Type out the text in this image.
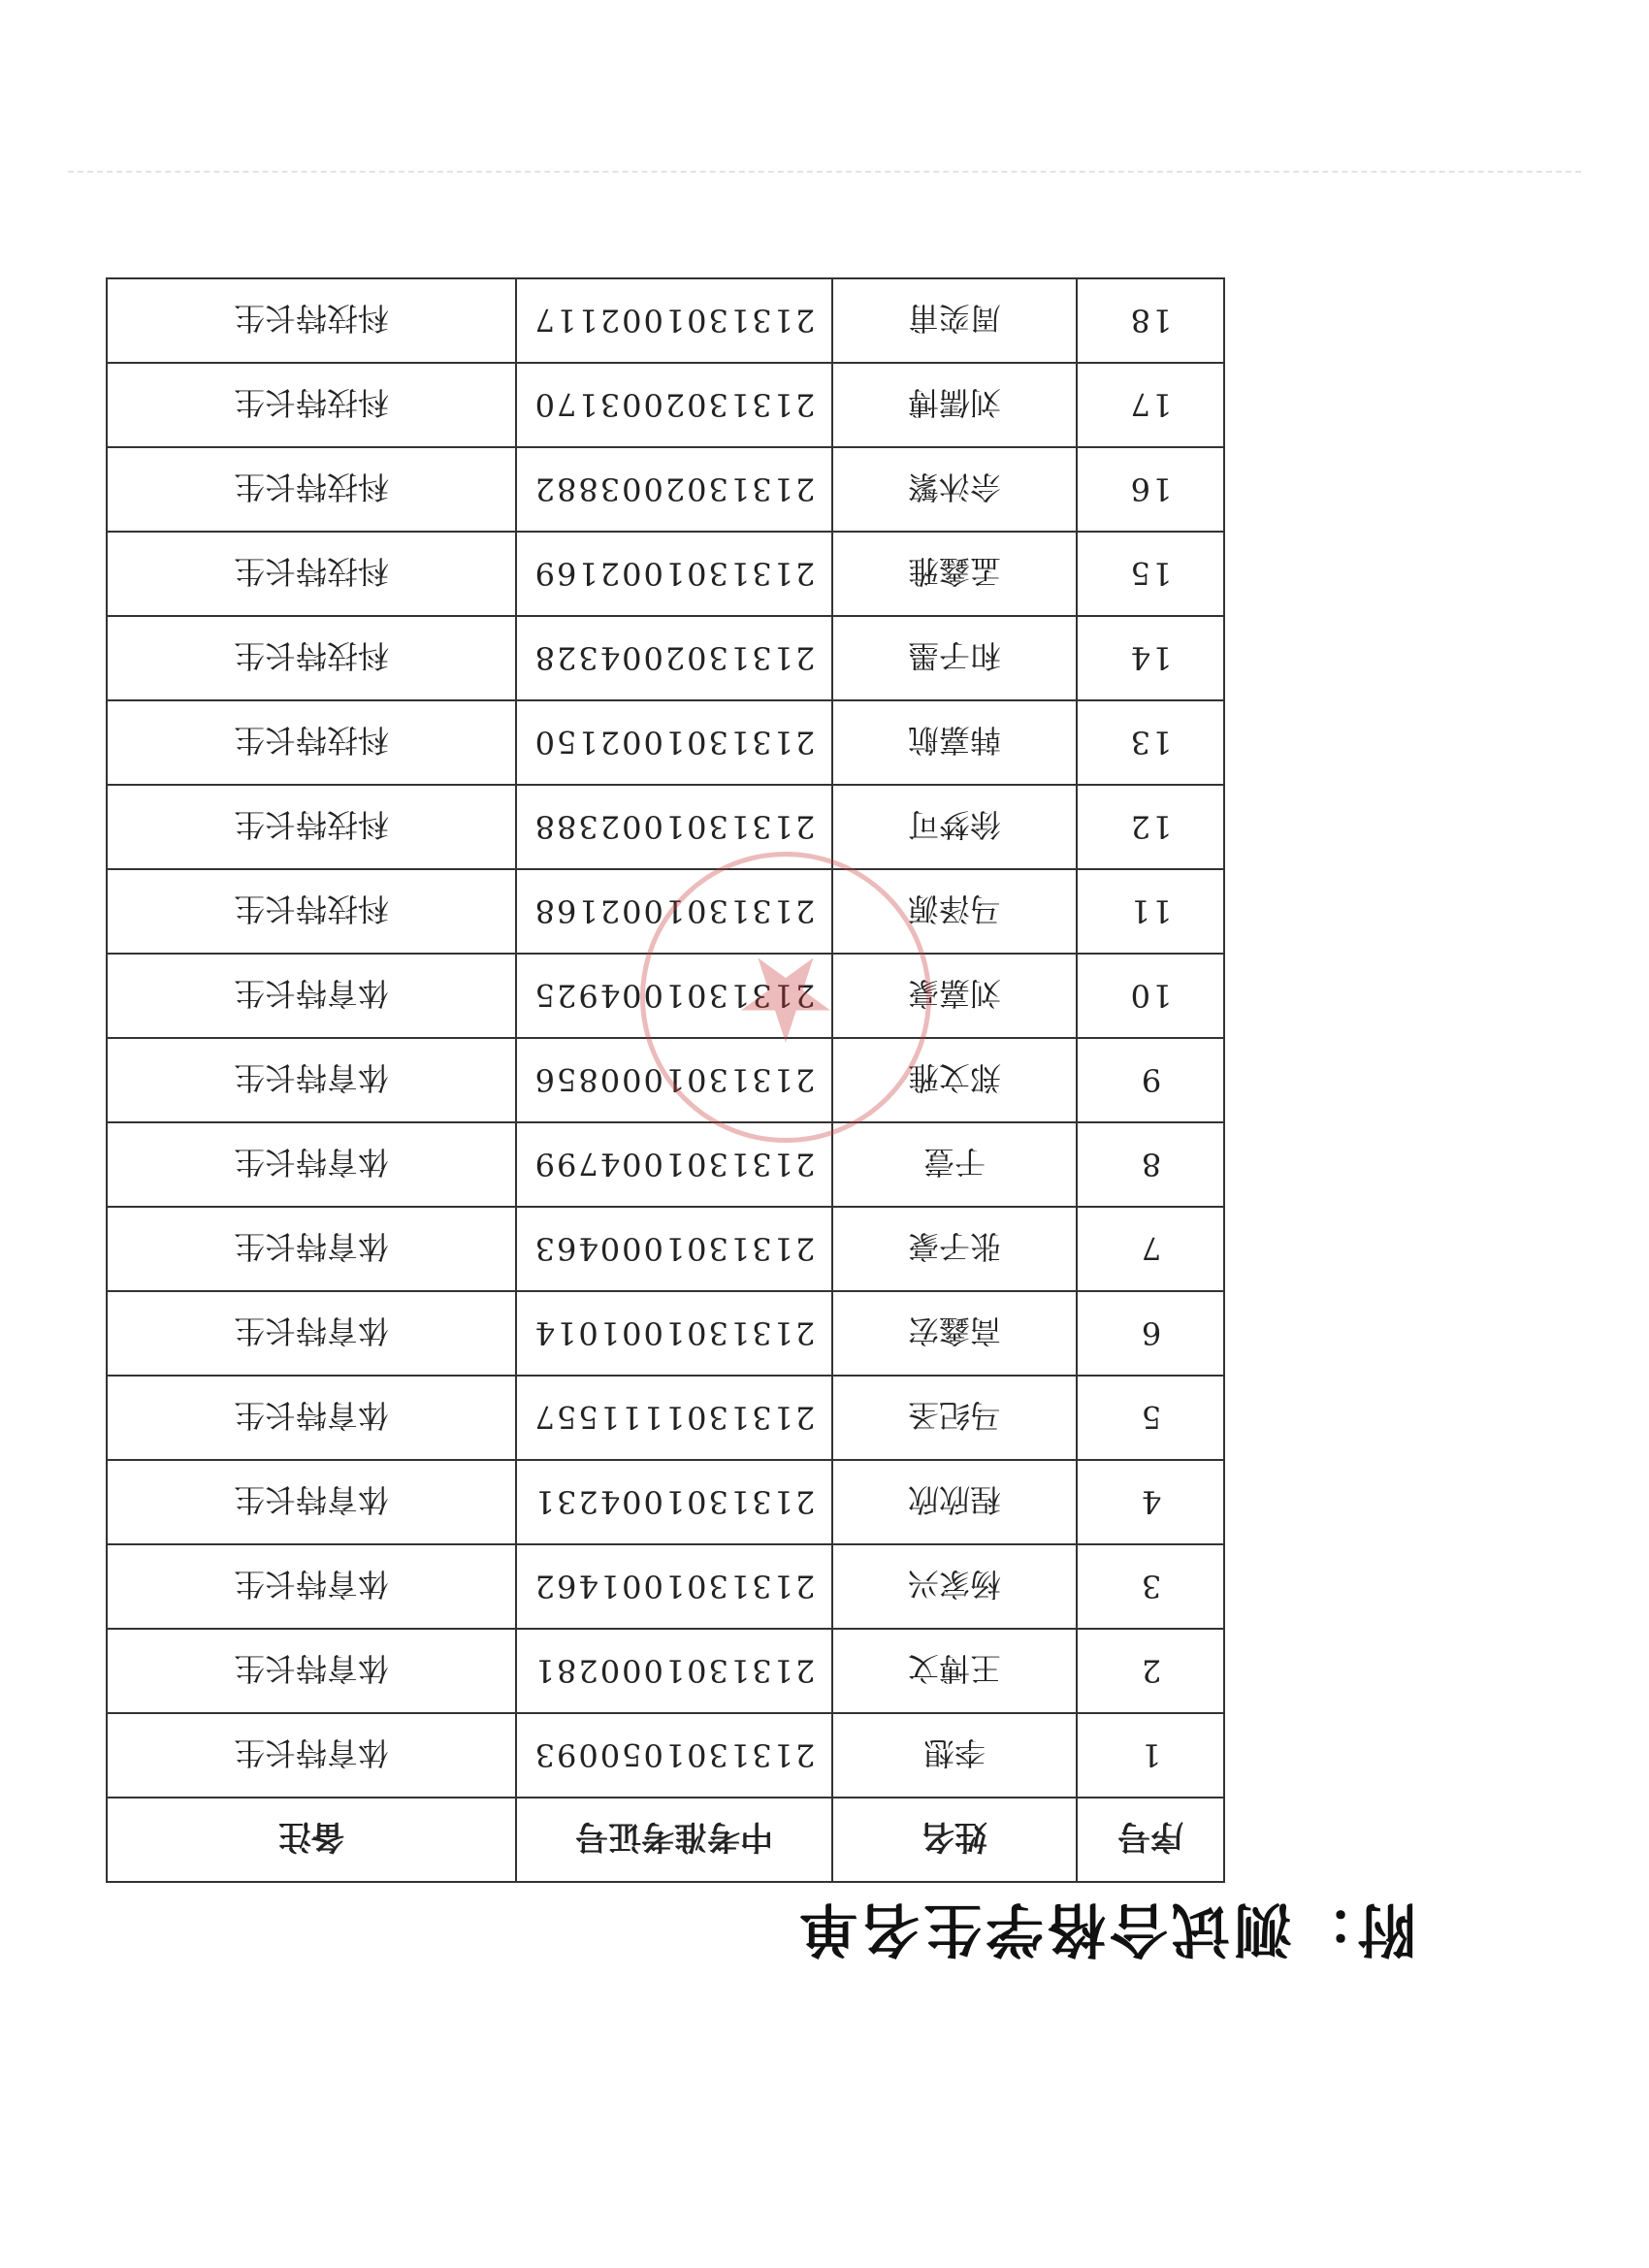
附：测试合格学生名单
序号	姓名	中考准考证号	备注
1	李想	2131301050093	体育特长生
2	王博文	2131301000281	体育特长生
3	杨家兴	2131301001462	体育特长生
4	程欣欣	2131301004231	体育特长生
5	马纪圣	2131301111557	体育特长生
6	高鑫宏	2131301001014	体育特长生
7	张子豪	2131301000463	体育特长生
8	于壹	2131301004799	体育特长生
9	郑文雅	2131301000856	体育特长生
10	刘嘉豪	2131301004925	体育特长生
11	马泽源	2131301002168	科技特长生
12	徐梦可	2131301002388	科技特长生
13	韩嘉航	2131301002150	科技特长生
14	和子墨	2131302004328	科技特长生
15	孟鑫雅	2131301002169	科技特长生
16	佘沐繁	2131302003882	科技特长生
17	刘儒博	2131302003170	科技特长生
18	周奕甫	2131301002117	科技特长生
★
